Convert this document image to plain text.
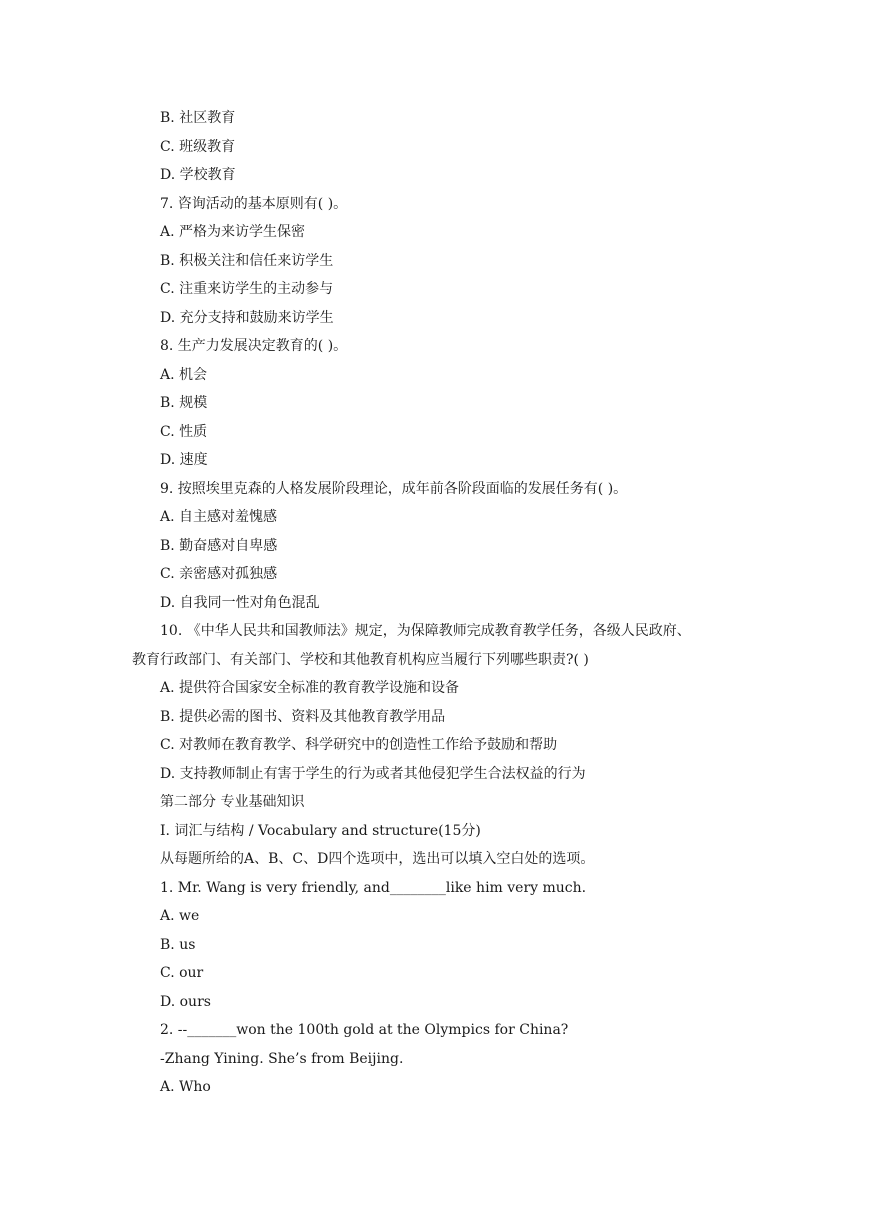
B. 社区教育
C. 班级教育
D. 学校教育
7. 咨询活动的基本原则有( )。
A. 严格为来访学生保密
B. 积极关注和信任来访学生
C. 注重来访学生的主动参与
D. 充分支持和鼓励来访学生
8. 生产力发展决定教育的( )。
A. 机会
B. 规模
C. 性质
D. 速度
9. 按照埃里克森的人格发展阶段理论，成年前各阶段面临的发展任务有( )。
A. 自主感对羞愧感
B. 勤奋感对自卑感
C. 亲密感对孤独感
D. 自我同一性对角色混乱
10. 《中华人民共和国教师法》规定，为保障教师完成教育教学任务，各级人民政府、
教育行政部门、有关部门、学校和其他教育机构应当履行下列哪些职责?( )
A. 提供符合国家安全标准的教育教学设施和设备
B. 提供必需的图书、资料及其他教育教学用品
C. 对教师在教育教学、科学研究中的创造性工作给予鼓励和帮助
D. 支持教师制止有害于学生的行为或者其他侵犯学生合法权益的行为
第二部分 专业基础知识
I. 词汇与结构 / Vocabulary and structure(15分)
从每题所给的A、B、C、D四个选项中，选出可以填入空白处的选项。
1. Mr. Wang is very friendly, and________like him very much.
A. we
B. us
C. our
D. ours
2. --_______won the 100th gold at the Olympics for China?
-Zhang Yining. She’s from Beijing.
A. Who
